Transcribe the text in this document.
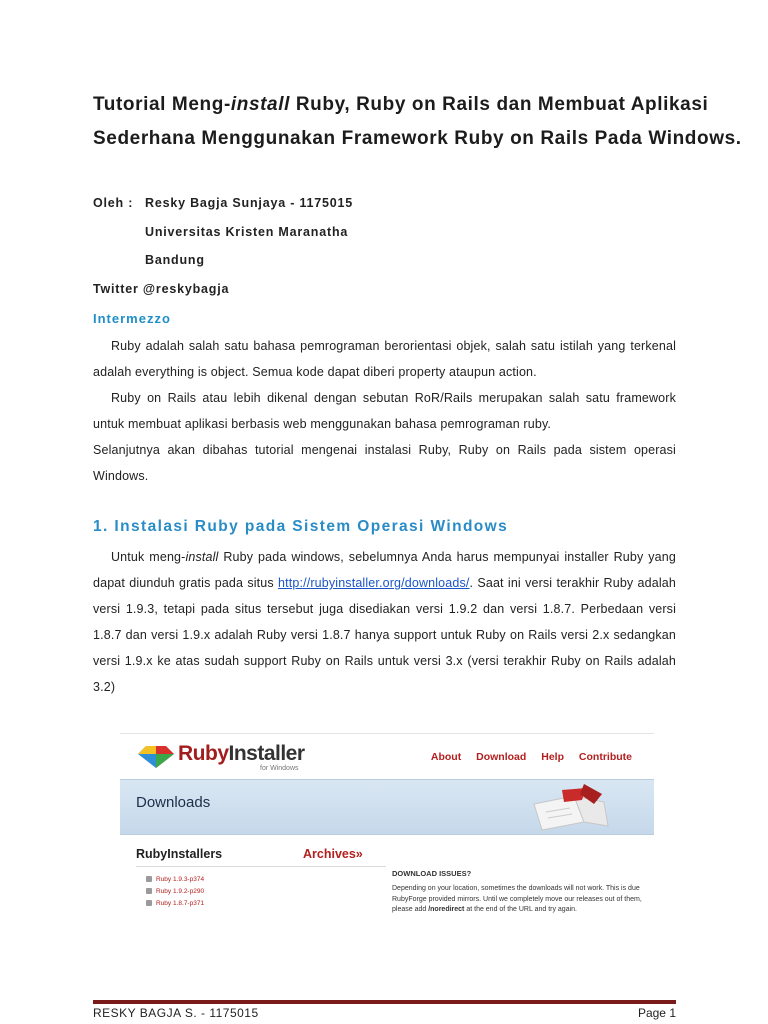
Tutorial Meng-install Ruby, Ruby on Rails dan Membuat Aplikasi
Sederhana Menggunakan Framework Ruby on Rails Pada Windows.
Oleh : Resky Bagja Sunjaya - 1175015
Universitas Kristen Maranatha
Bandung
Twitter @reskybagja
Intermezzo

Ruby adalah salah satu bahasa pemrograman berorientasi objek, salah satu istilah yang terkenal adalah everything is object. Semua kode dapat diberi property ataupun action.

Ruby on Rails atau lebih dikenal dengan sebutan RoR/Rails merupakan salah satu framework untuk membuat aplikasi berbasis web menggunakan bahasa pemrograman ruby.

Selanjutnya akan dibahas tutorial mengenai instalasi Ruby, Ruby on Rails pada sistem operasi Windows.

1. Instalasi Ruby pada Sistem Operasi Windows

Untuk meng-install Ruby pada windows, sebelumnya Anda harus mempunyai installer Ruby yang dapat diunduh gratis pada situs http://rubyinstaller.org/downloads/. Saat ini versi terakhir Ruby adalah versi 1.9.3, tetapi pada situs tersebut juga disediakan versi 1.9.2 dan versi 1.8.7. Perbedaan versi 1.8.7 dan versi 1.9.x adalah Ruby versi 1.8.7 hanya support untuk Ruby on Rails versi 2.x sedangkan versi 1.9.x ke atas sudah support Ruby on Rails untuk versi 3.x (versi terakhir Ruby on Rails adalah 3.2)

RubyInstaller
for Windows
About Download Help Contribute
Downloads
RubyInstallers	Archives»
Ruby 1.9.3-p374
Ruby 1.9.2-p290
Ruby 1.8.7-p371
DOWNLOAD ISSUES?
Depending on your location, sometimes the downloads will not work. This is due RubyForge provided mirrors. Until we completely move our releases out of them, please add /noredirect at the end of the URL and try again.
RESKY BAGJA S. - 1175015	Page 1
